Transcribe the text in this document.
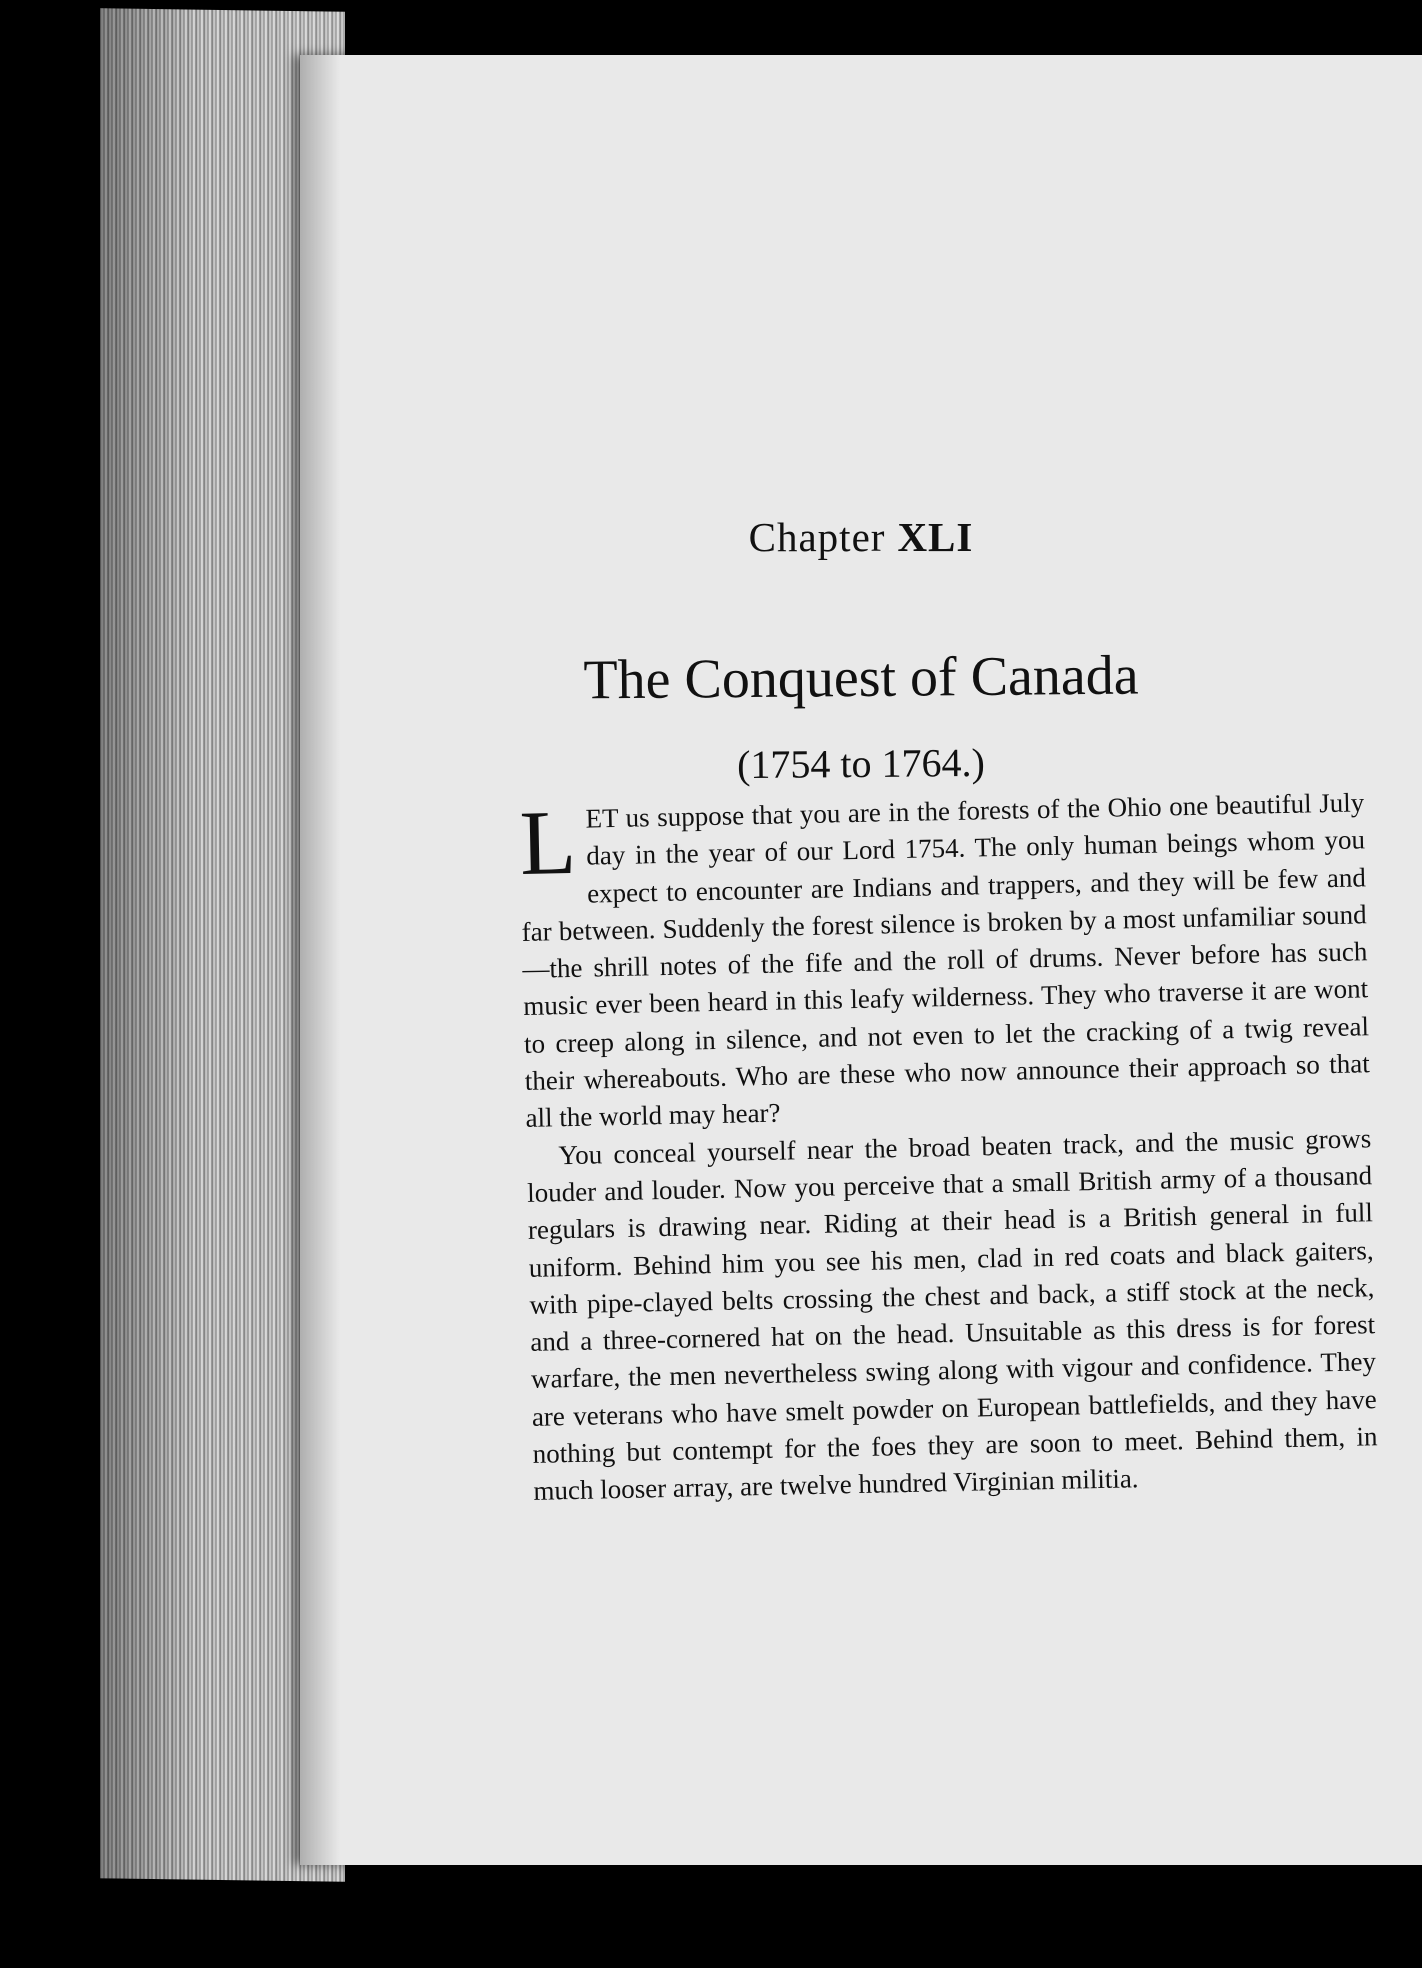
Chapter XLI
The Conquest of Canada
(1754 to 1764.)

LET us suppose that you are in the forests of the Ohio one beautiful July day in the year of our Lord 1754. The only human beings whom you expect to encounter are Indians and trappers, and they will be few and far between. Suddenly the forest silence is broken by a most unfamiliar sound—the shrill notes of the fife and the roll of drums. Never before has such music ever been heard in this leafy wilderness. They who traverse it are wont to creep along in silence, and not even to let the cracking of a twig reveal their whereabouts. Who are these who now announce their approach so that all the world may hear?

You conceal yourself near the broad beaten track, and the music grows louder and louder. Now you perceive that a small British army of a thousand regulars is drawing near. Riding at their head is a British general in full uniform. Behind him you see his men, clad in red coats and black gaiters, with pipe-clayed belts crossing the chest and back, a stiff stock at the neck, and a three-cornered hat on the head. Unsuitable as this dress is for forest warfare, the men nevertheless swing along with vigour and confidence. They are veterans who have smelt powder on European battlefields, and they have nothing but contempt for the foes they are soon to meet. Behind them, in much looser array, are twelve hundred Virginian militia.
